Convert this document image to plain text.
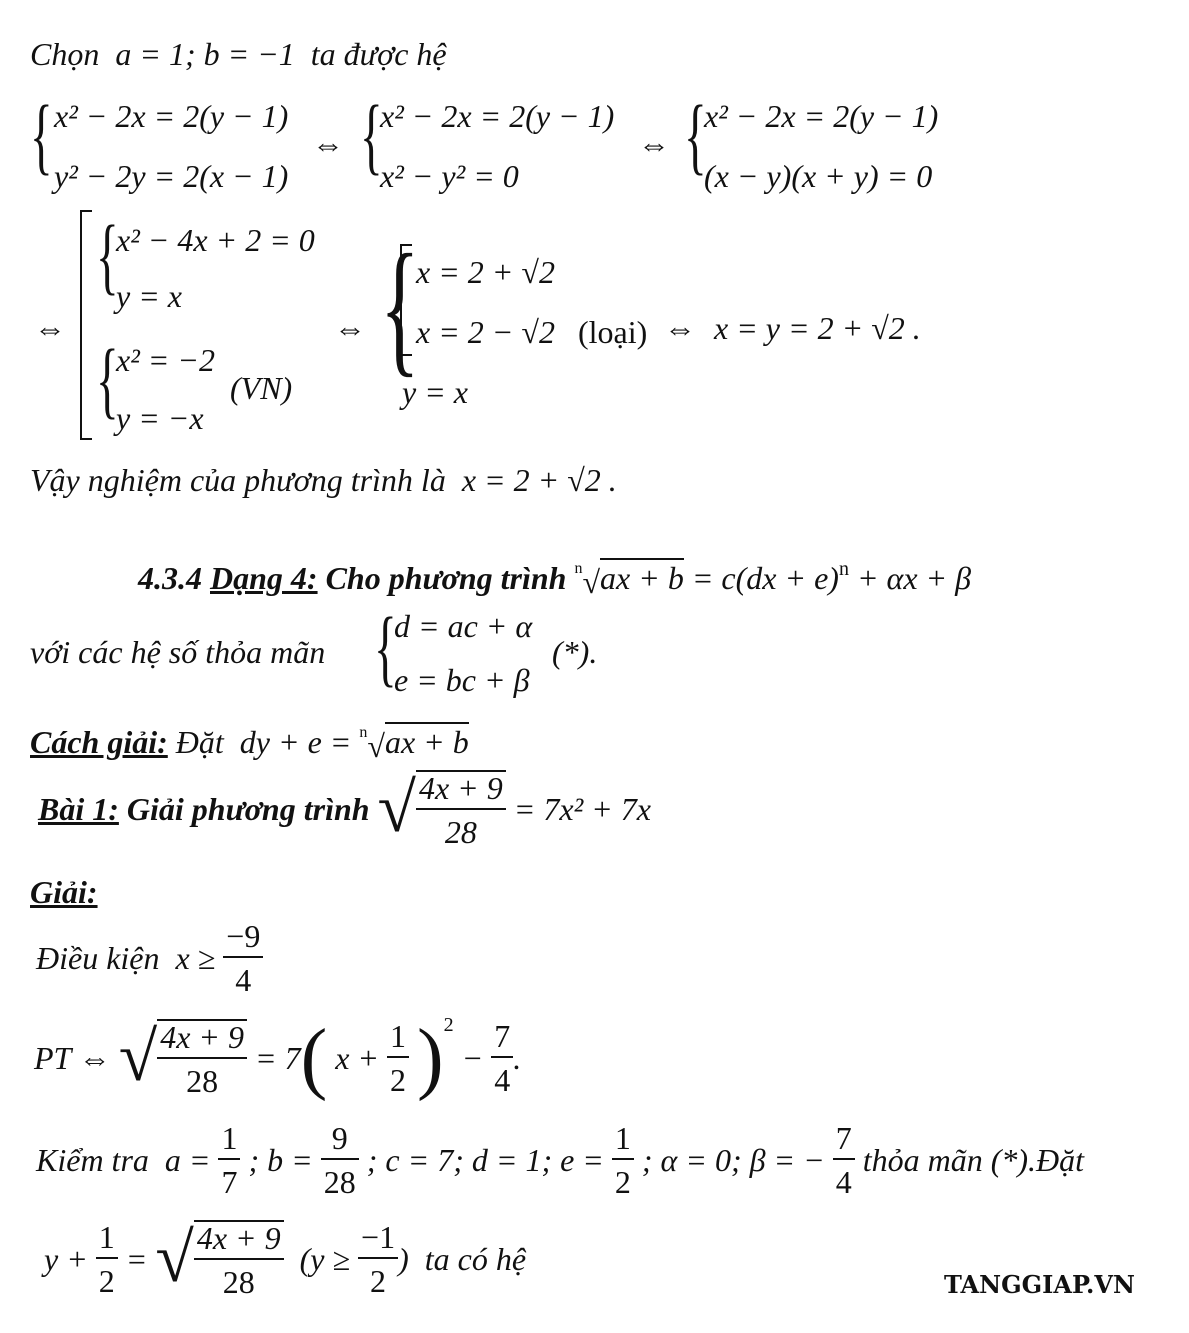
Chọn a = 1; b = −1 ta được hệ
{ x² − 2x = 2(y − 1)
y² − 2y = 2(x − 1)
⇔ {
x² − 2x = 2(y − 1)
x² − y² = 0
⇔ {
x² − 2x = 2(y − 1)
(x − y)(x + y) = 0
⇔
{
x² − 4x + 2 = 0
y = x
{
x² = −2
y = −x
(VN)
⇔ {
x = 2 + √2
x = 2 − √2 (loại)
y = x
⇔ x = y = 2 + √2 .
Vậy nghiệm của phương trình là x = 2 + √2 .
4.3.4 Dạng 4: Cho phương trình $^n$√ax + b = c(dx + e)$^n$ + αx + β
với các hệ số thỏa mãn {
d = ac + α
e = bc + β
(*).
Cách giải: Đặt dy + e = $^n$√ax + b
Bài 1: Giải phương trình √ $\frac{4x + 9}{28} = 7x^2 + 7x$
Giải:
Điều kiện $x \ge \frac{-9}{4}$
PT ⇔ √ $\frac{4x + 9}{28} = 7$( $x + \frac{1}{2} )^2 - \frac{7}{4}$ .
Kiểm tra $a = \frac{1}{7}$ ; $b = \frac{9}{28}$ ; c = 7; d = 1; $e = \frac{1}{2}$ ; α = 0; β = − $\frac{7}{4}$ thỏa mãn (*).Đặt
$y + \frac{1}{2}$ = √ $\frac{4x + 9}{28} (y \ge \frac{-1}{2}$ ) ta có hệ
TANGGIAP.VN
